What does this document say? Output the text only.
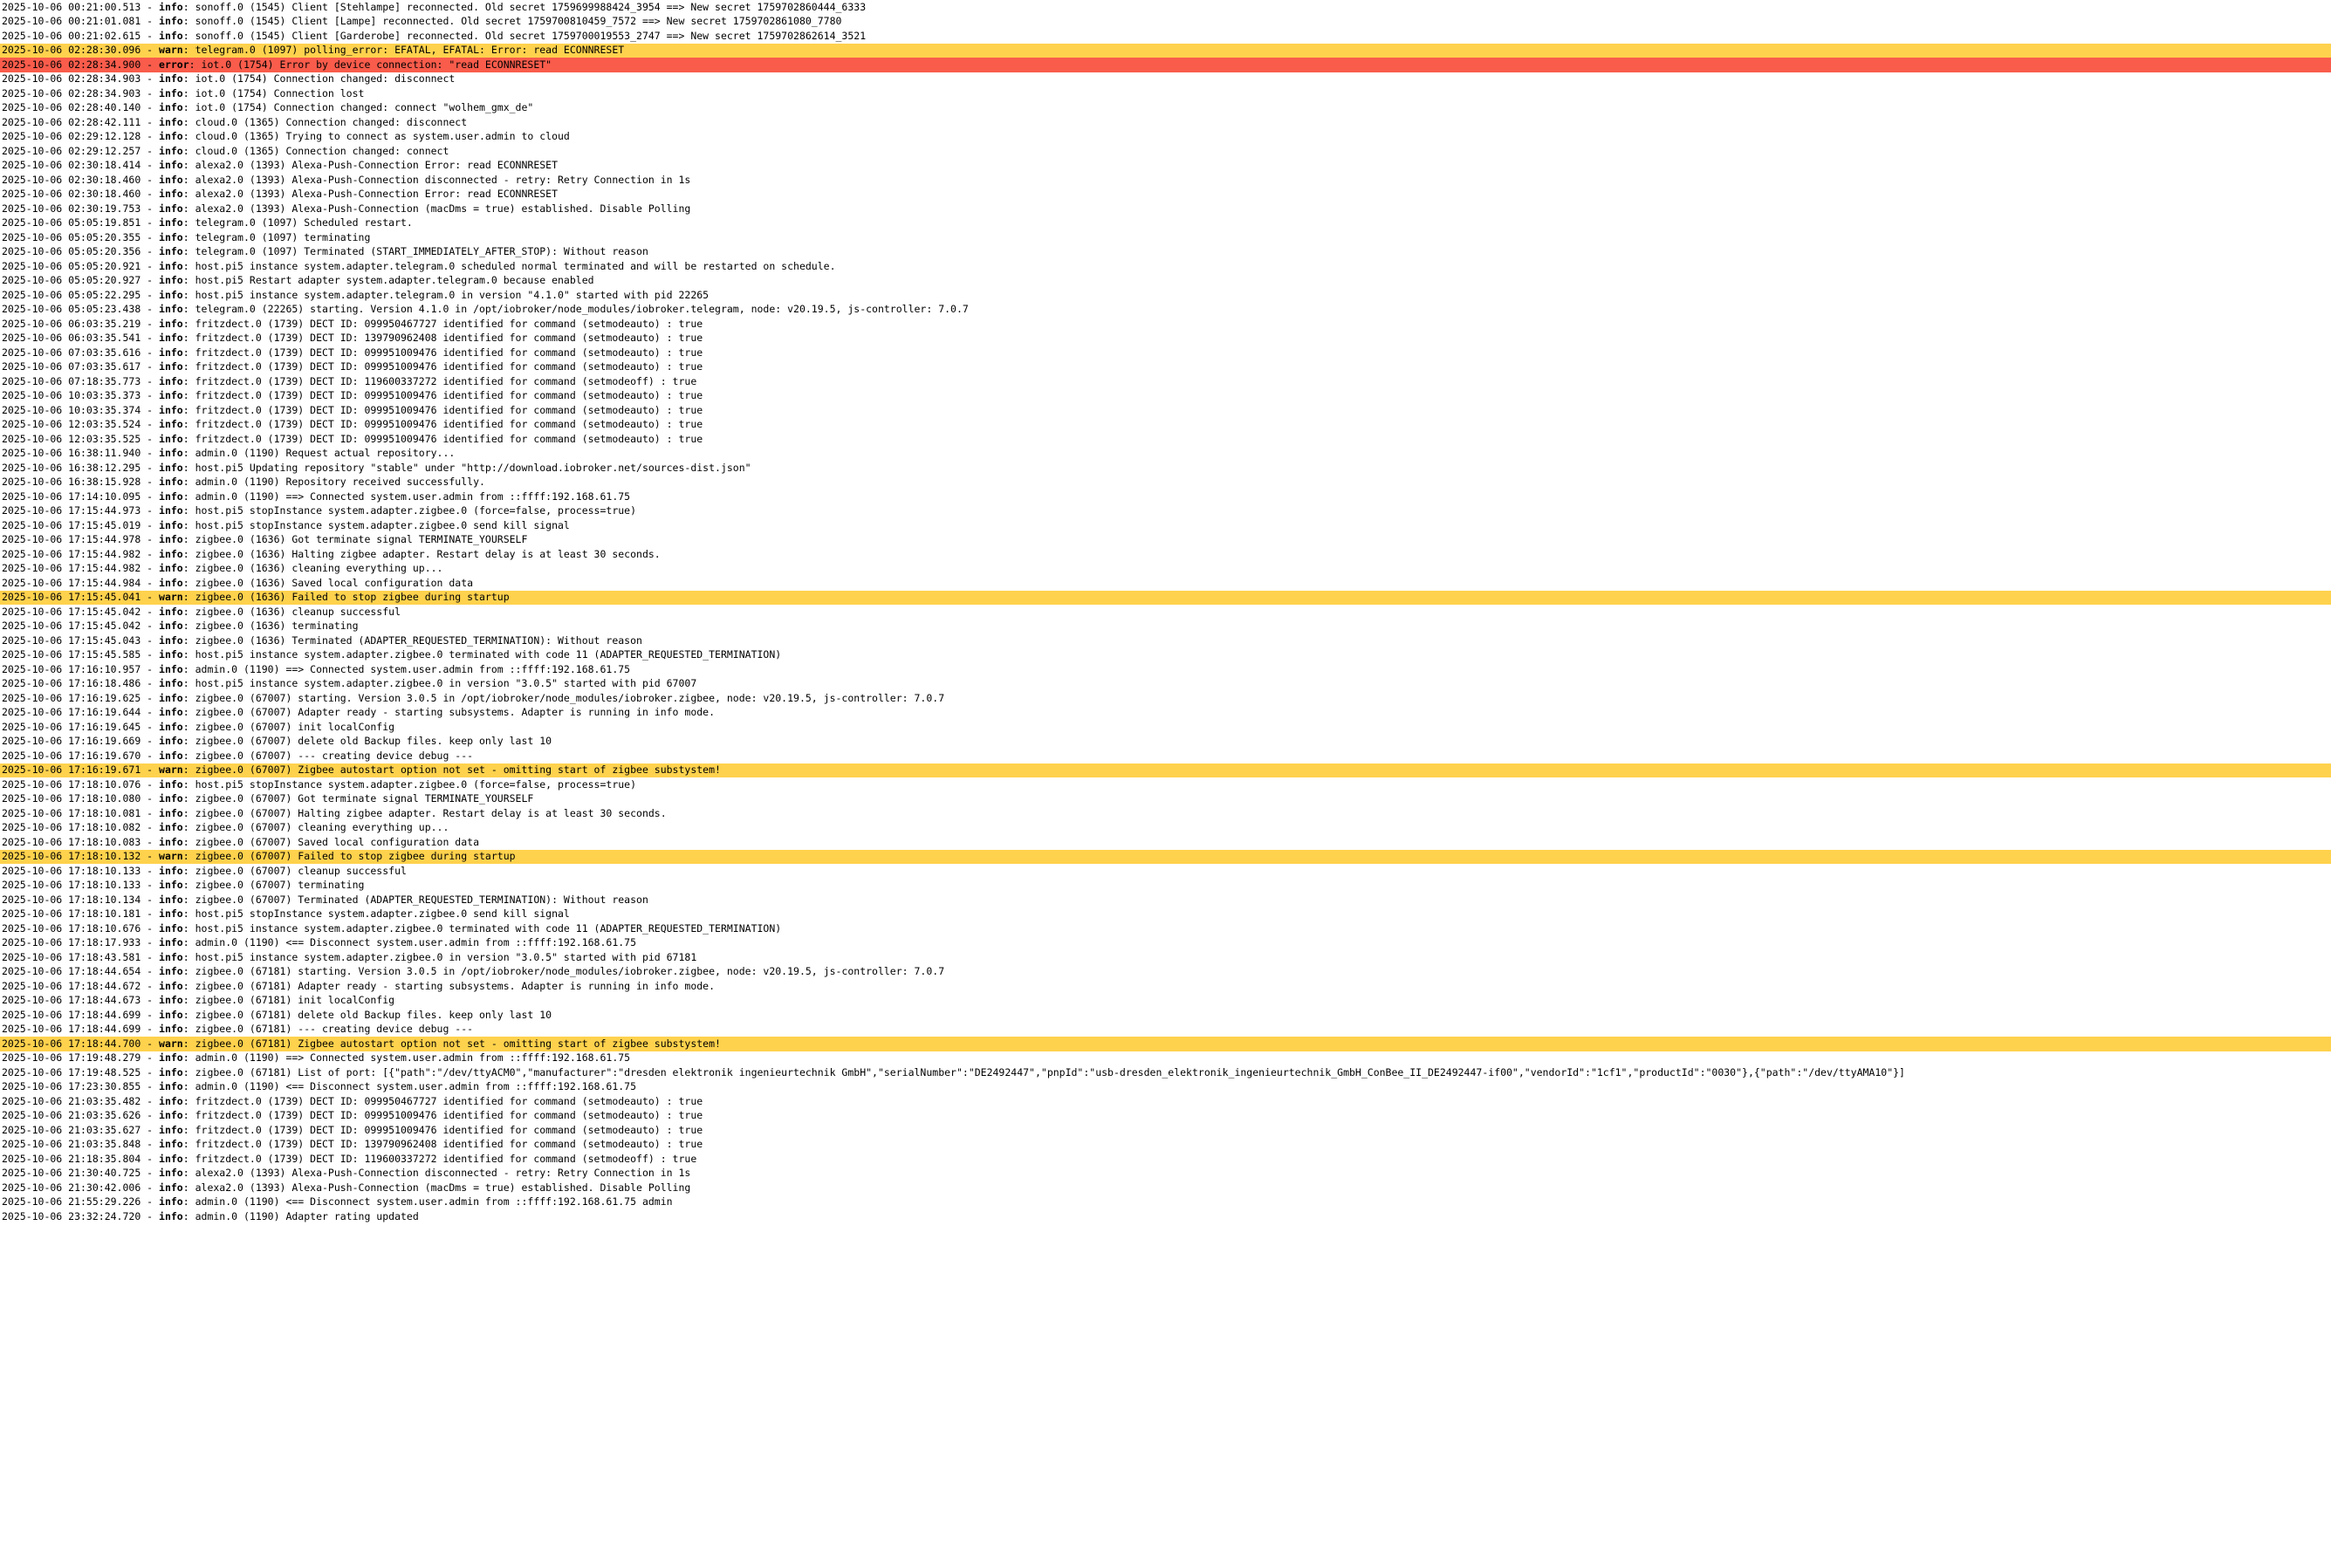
2025-10-06 00:21:00.513 - info: sonoff.0 (1545) Client [Stehlampe] reconnected. Old secret 1759699988424_3954 ==> New secret 1759702860444_6333
2025-10-06 00:21:01.081 - info: sonoff.0 (1545) Client [Lampe] reconnected. Old secret 1759700810459_7572 ==> New secret 1759702861080_7780
2025-10-06 00:21:02.615 - info: sonoff.0 (1545) Client [Garderobe] reconnected. Old secret 1759700019553_2747 ==> New secret 1759702862614_3521
2025-10-06 02:28:30.096 - warn: telegram.0 (1097) polling_error: EFATAL, EFATAL: Error: read ECONNRESET
2025-10-06 02:28:34.900 - error: iot.0 (1754) Error by device connection: "read ECONNRESET"
2025-10-06 02:28:34.903 - info: iot.0 (1754) Connection changed: disconnect
2025-10-06 02:28:34.903 - info: iot.0 (1754) Connection lost
2025-10-06 02:28:40.140 - info: iot.0 (1754) Connection changed: connect "wolhem_gmx_de"
2025-10-06 02:28:42.111 - info: cloud.0 (1365) Connection changed: disconnect
2025-10-06 02:29:12.128 - info: cloud.0 (1365) Trying to connect as system.user.admin to cloud
2025-10-06 02:29:12.257 - info: cloud.0 (1365) Connection changed: connect
2025-10-06 02:30:18.414 - info: alexa2.0 (1393) Alexa-Push-Connection Error: read ECONNRESET
2025-10-06 02:30:18.460 - info: alexa2.0 (1393) Alexa-Push-Connection disconnected - retry: Retry Connection in 1s
2025-10-06 02:30:18.460 - info: alexa2.0 (1393) Alexa-Push-Connection Error: read ECONNRESET
2025-10-06 02:30:19.753 - info: alexa2.0 (1393) Alexa-Push-Connection (macDms = true) established. Disable Polling
2025-10-06 05:05:19.851 - info: telegram.0 (1097) Scheduled restart.
2025-10-06 05:05:20.355 - info: telegram.0 (1097) terminating
2025-10-06 05:05:20.356 - info: telegram.0 (1097) Terminated (START_IMMEDIATELY_AFTER_STOP): Without reason
2025-10-06 05:05:20.921 - info: host.pi5 instance system.adapter.telegram.0 scheduled normal terminated and will be restarted on schedule.
2025-10-06 05:05:20.927 - info: host.pi5 Restart adapter system.adapter.telegram.0 because enabled
2025-10-06 05:05:22.295 - info: host.pi5 instance system.adapter.telegram.0 in version "4.1.0" started with pid 22265
2025-10-06 05:05:23.438 - info: telegram.0 (22265) starting. Version 4.1.0 in /opt/iobroker/node_modules/iobroker.telegram, node: v20.19.5, js-controller: 7.0.7
2025-10-06 06:03:35.219 - info: fritzdect.0 (1739) DECT ID: 099950467727 identified for command (setmodeauto) : true
2025-10-06 06:03:35.541 - info: fritzdect.0 (1739) DECT ID: 139790962408 identified for command (setmodeauto) : true
2025-10-06 07:03:35.616 - info: fritzdect.0 (1739) DECT ID: 099951009476 identified for command (setmodeauto) : true
2025-10-06 07:03:35.617 - info: fritzdect.0 (1739) DECT ID: 099951009476 identified for command (setmodeauto) : true
2025-10-06 07:18:35.773 - info: fritzdect.0 (1739) DECT ID: 119600337272 identified for command (setmodeoff) : true
2025-10-06 10:03:35.373 - info: fritzdect.0 (1739) DECT ID: 099951009476 identified for command (setmodeauto) : true
2025-10-06 10:03:35.374 - info: fritzdect.0 (1739) DECT ID: 099951009476 identified for command (setmodeauto) : true
2025-10-06 12:03:35.524 - info: fritzdect.0 (1739) DECT ID: 099951009476 identified for command (setmodeauto) : true
2025-10-06 12:03:35.525 - info: fritzdect.0 (1739) DECT ID: 099951009476 identified for command (setmodeauto) : true
2025-10-06 16:38:11.940 - info: admin.0 (1190) Request actual repository...
2025-10-06 16:38:12.295 - info: host.pi5 Updating repository "stable" under "http://download.iobroker.net/sources-dist.json"
2025-10-06 16:38:15.928 - info: admin.0 (1190) Repository received successfully.
2025-10-06 17:14:10.095 - info: admin.0 (1190) ==> Connected system.user.admin from ::ffff:192.168.61.75
2025-10-06 17:15:44.973 - info: host.pi5 stopInstance system.adapter.zigbee.0 (force=false, process=true)
2025-10-06 17:15:45.019 - info: host.pi5 stopInstance system.adapter.zigbee.0 send kill signal
2025-10-06 17:15:44.978 - info: zigbee.0 (1636) Got terminate signal TERMINATE_YOURSELF
2025-10-06 17:15:44.982 - info: zigbee.0 (1636) Halting zigbee adapter. Restart delay is at least 30 seconds.
2025-10-06 17:15:44.982 - info: zigbee.0 (1636) cleaning everything up...
2025-10-06 17:15:44.984 - info: zigbee.0 (1636) Saved local configuration data
2025-10-06 17:15:45.041 - warn: zigbee.0 (1636) Failed to stop zigbee during startup
2025-10-06 17:15:45.042 - info: zigbee.0 (1636) cleanup successful
2025-10-06 17:15:45.042 - info: zigbee.0 (1636) terminating
2025-10-06 17:15:45.043 - info: zigbee.0 (1636) Terminated (ADAPTER_REQUESTED_TERMINATION): Without reason
2025-10-06 17:15:45.585 - info: host.pi5 instance system.adapter.zigbee.0 terminated with code 11 (ADAPTER_REQUESTED_TERMINATION)
2025-10-06 17:16:10.957 - info: admin.0 (1190) ==> Connected system.user.admin from ::ffff:192.168.61.75
2025-10-06 17:16:18.486 - info: host.pi5 instance system.adapter.zigbee.0 in version "3.0.5" started with pid 67007
2025-10-06 17:16:19.625 - info: zigbee.0 (67007) starting. Version 3.0.5 in /opt/iobroker/node_modules/iobroker.zigbee, node: v20.19.5, js-controller: 7.0.7
2025-10-06 17:16:19.644 - info: zigbee.0 (67007) Adapter ready - starting subsystems. Adapter is running in info mode.
2025-10-06 17:16:19.645 - info: zigbee.0 (67007) init localConfig
2025-10-06 17:16:19.669 - info: zigbee.0 (67007) delete old Backup files. keep only last 10
2025-10-06 17:16:19.670 - info: zigbee.0 (67007) --- creating device debug ---
2025-10-06 17:16:19.671 - warn: zigbee.0 (67007) Zigbee autostart option not set - omitting start of zigbee substystem!
2025-10-06 17:18:10.076 - info: host.pi5 stopInstance system.adapter.zigbee.0 (force=false, process=true)
2025-10-06 17:18:10.080 - info: zigbee.0 (67007) Got terminate signal TERMINATE_YOURSELF
2025-10-06 17:18:10.081 - info: zigbee.0 (67007) Halting zigbee adapter. Restart delay is at least 30 seconds.
2025-10-06 17:18:10.082 - info: zigbee.0 (67007) cleaning everything up...
2025-10-06 17:18:10.083 - info: zigbee.0 (67007) Saved local configuration data
2025-10-06 17:18:10.132 - warn: zigbee.0 (67007) Failed to stop zigbee during startup
2025-10-06 17:18:10.133 - info: zigbee.0 (67007) cleanup successful
2025-10-06 17:18:10.133 - info: zigbee.0 (67007) terminating
2025-10-06 17:18:10.134 - info: zigbee.0 (67007) Terminated (ADAPTER_REQUESTED_TERMINATION): Without reason
2025-10-06 17:18:10.181 - info: host.pi5 stopInstance system.adapter.zigbee.0 send kill signal
2025-10-06 17:18:10.676 - info: host.pi5 instance system.adapter.zigbee.0 terminated with code 11 (ADAPTER_REQUESTED_TERMINATION)
2025-10-06 17:18:17.933 - info: admin.0 (1190) <== Disconnect system.user.admin from ::ffff:192.168.61.75
2025-10-06 17:18:43.581 - info: host.pi5 instance system.adapter.zigbee.0 in version "3.0.5" started with pid 67181
2025-10-06 17:18:44.654 - info: zigbee.0 (67181) starting. Version 3.0.5 in /opt/iobroker/node_modules/iobroker.zigbee, node: v20.19.5, js-controller: 7.0.7
2025-10-06 17:18:44.672 - info: zigbee.0 (67181) Adapter ready - starting subsystems. Adapter is running in info mode.
2025-10-06 17:18:44.673 - info: zigbee.0 (67181) init localConfig
2025-10-06 17:18:44.699 - info: zigbee.0 (67181) delete old Backup files. keep only last 10
2025-10-06 17:18:44.699 - info: zigbee.0 (67181) --- creating device debug ---
2025-10-06 17:18:44.700 - warn: zigbee.0 (67181) Zigbee autostart option not set - omitting start of zigbee substystem!
2025-10-06 17:19:48.279 - info: admin.0 (1190) ==> Connected system.user.admin from ::ffff:192.168.61.75
2025-10-06 17:19:48.525 - info: zigbee.0 (67181) List of port: [{"path":"/dev/ttyACM0","manufacturer":"dresden elektronik ingenieurtechnik GmbH","serialNumber":"DE2492447","pnpId":"usb-dresden_elektronik_ingenieurtechnik_GmbH_ConBee_II_DE2492447-if00","vendorId":"1cf1","productId":"0030"},{"path":"/dev/ttyAMA10"}]
2025-10-06 17:23:30.855 - info: admin.0 (1190) <== Disconnect system.user.admin from ::ffff:192.168.61.75
2025-10-06 21:03:35.482 - info: fritzdect.0 (1739) DECT ID: 099950467727 identified for command (setmodeauto) : true
2025-10-06 21:03:35.626 - info: fritzdect.0 (1739) DECT ID: 099951009476 identified for command (setmodeauto) : true
2025-10-06 21:03:35.627 - info: fritzdect.0 (1739) DECT ID: 099951009476 identified for command (setmodeauto) : true
2025-10-06 21:03:35.848 - info: fritzdect.0 (1739) DECT ID: 139790962408 identified for command (setmodeauto) : true
2025-10-06 21:18:35.804 - info: fritzdect.0 (1739) DECT ID: 119600337272 identified for command (setmodeoff) : true
2025-10-06 21:30:40.725 - info: alexa2.0 (1393) Alexa-Push-Connection disconnected - retry: Retry Connection in 1s
2025-10-06 21:30:42.006 - info: alexa2.0 (1393) Alexa-Push-Connection (macDms = true) established. Disable Polling
2025-10-06 21:55:29.226 - info: admin.0 (1190) <== Disconnect system.user.admin from ::ffff:192.168.61.75 admin
2025-10-06 23:32:24.720 - info: admin.0 (1190) Adapter rating updated
